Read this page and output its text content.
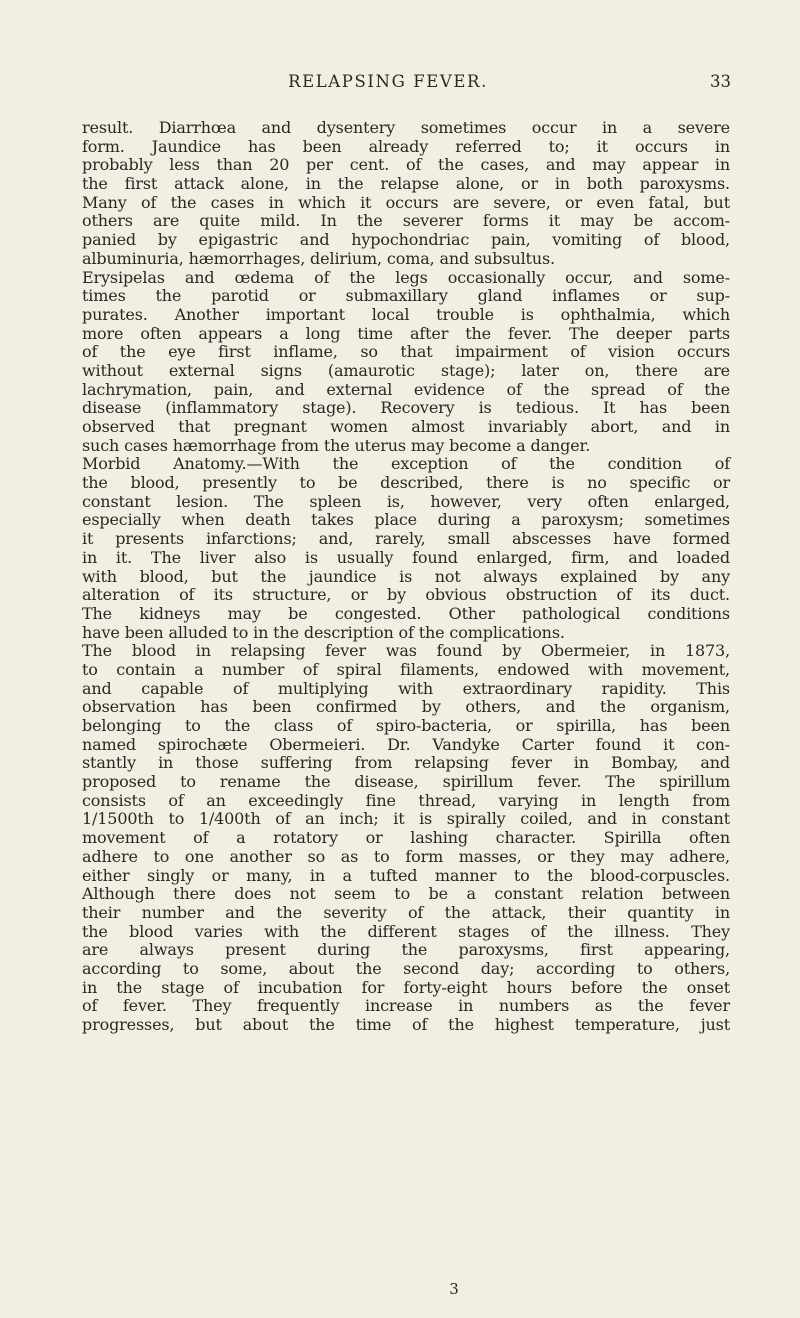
RELAPSING FEVER.	33
result. Diarrhœa and dysentery sometimes occur in a severe
form. Jaundice has been already referred to; it occurs in
probably less than 20 per cent. of the cases, and may appear in
the first attack alone, in the relapse alone, or in both paroxysms.
Many of the cases in which it occurs are severe, or even fatal, but
others are quite mild. In the severer forms it may be accom-
panied by epigastric and hypochondriac pain, vomiting of blood,
albuminuria, hæmorrhages, delirium, coma, and subsultus.
Erysipelas and œdema of the legs occasionally occur, and some-
times the parotid or submaxillary gland inflames or sup-
purates. Another important local trouble is ophthalmia, which
more often appears a long time after the fever. The deeper parts
of the eye first inflame, so that impairment of vision occurs
without external signs (amaurotic stage); later on, there are
lachrymation, pain, and external evidence of the spread of the
disease (inflammatory stage). Recovery is tedious. It has been
observed that pregnant women almost invariably abort, and in
such cases hæmorrhage from the uterus may become a danger.
Morbid Anatomy.—With the exception of the condition of
the blood, presently to be described, there is no specific or
constant lesion. The spleen is, however, very often enlarged,
especially when death takes place during a paroxysm; sometimes
it presents infarctions; and, rarely, small abscesses have formed
in it. The liver also is usually found enlarged, firm, and loaded
with blood, but the jaundice is not always explained by any
alteration of its structure, or by obvious obstruction of its duct.
The kidneys may be congested. Other pathological conditions
have been alluded to in the description of the complications.
The blood in relapsing fever was found by Obermeier, in 1873,
to contain a number of spiral filaments, endowed with movement,
and capable of multiplying with extraordinary rapidity. This
observation has been confirmed by others, and the organism,
belonging to the class of spiro-bacteria, or spirilla, has been
named spirochæte Obermeieri. Dr. Vandyke Carter found it con-
stantly in those suffering from relapsing fever in Bombay, and
proposed to rename the disease, spirillum fever. The spirillum
consists of an exceedingly fine thread, varying in length from
1/1500th to 1/400th of an inch; it is spirally coiled, and in constant
movement of a rotatory or lashing character. Spirilla often
adhere to one another so as to form masses, or they may adhere,
either singly or many, in a tufted manner to the blood-corpuscles.
Although there does not seem to be a constant relation between
their number and the severity of the attack, their quantity in
the blood varies with the different stages of the illness. They
are always present during the paroxysms, first appearing,
according to some, about the second day; according to others,
in the stage of incubation for forty-eight hours before the onset
of fever. They frequently increase in numbers as the fever
progresses, but about the time of the highest temperature, just
3
